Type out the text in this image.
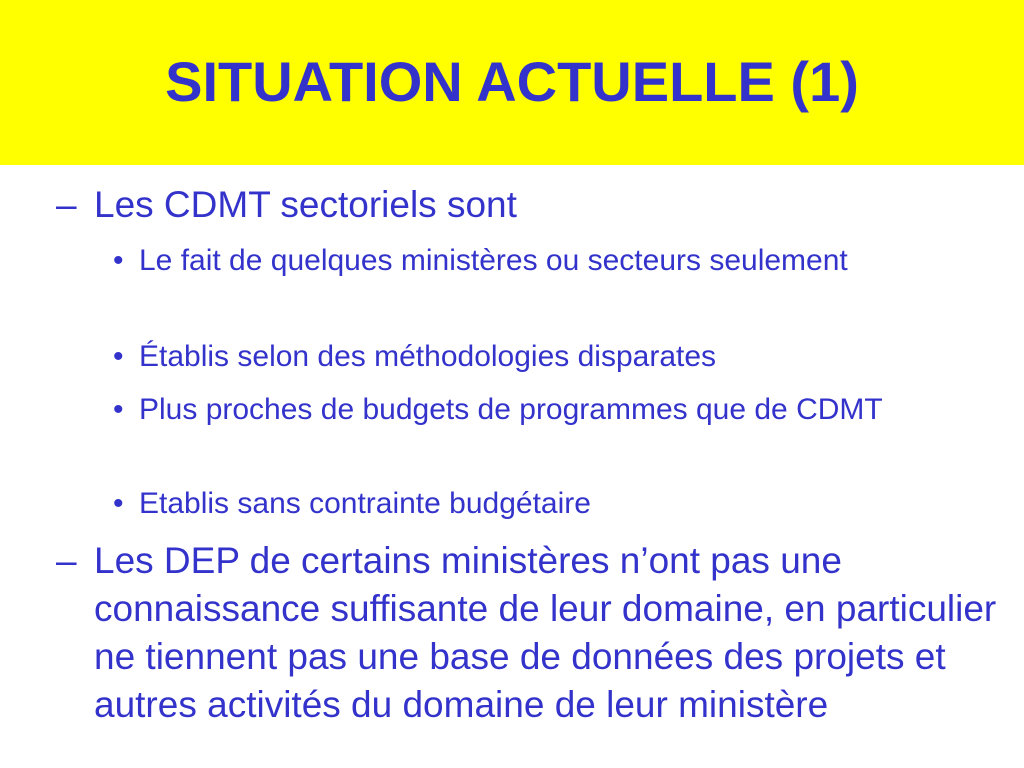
SITUATION ACTUELLE (1)
– Les CDMT sectoriels sont
• Le fait de quelques ministères ou secteurs seulement
• Établis selon des méthodologies disparates
• Plus proches de budgets de programmes que de CDMT
• Etablis sans contrainte budgétaire
– Les DEP de certains ministères n’ont pas une connaissance suffisante de leur domaine, en particulier ne tiennent pas une base de données des projets et autres activités du domaine de leur ministère
